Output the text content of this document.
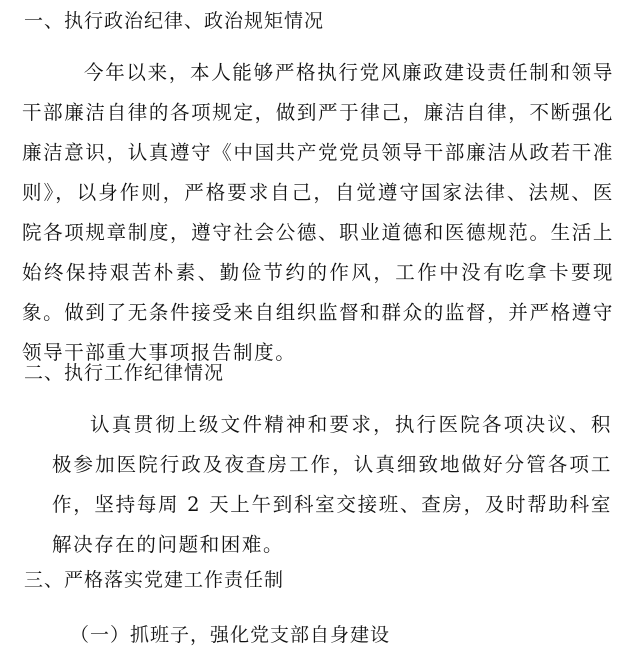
一、执行政治纪律、政治规矩情况

今年以来，本人能够严格执行党风廉政建设责任制和领导干部廉洁自律的各项规定，做到严于律己，廉洁自律，不断强化廉洁意识，认真遵守《中国共产党党员领导干部廉洁从政若干准则》，以身作则，严格要求自己，自觉遵守国家法律、法规、医院各项规章制度，遵守社会公德、职业道德和医德规范。生活上始终保持艰苦朴素、勤俭节约的作风，工作中没有吃拿卡要现象。做到了无条件接受来自组织监督和群众的监督，并严格遵守领导干部重大事项报告制度。

二、执行工作纪律情况

认真贯彻上级文件精神和要求，执行医院各项决议、积极参加医院行政及夜查房工作，认真细致地做好分管各项工作，坚持每周 2 天上午到科室交接班、查房，及时帮助科室解决存在的问题和困难。

三、严格落实党建工作责任制
（一）抓班子，强化党支部自身建设
